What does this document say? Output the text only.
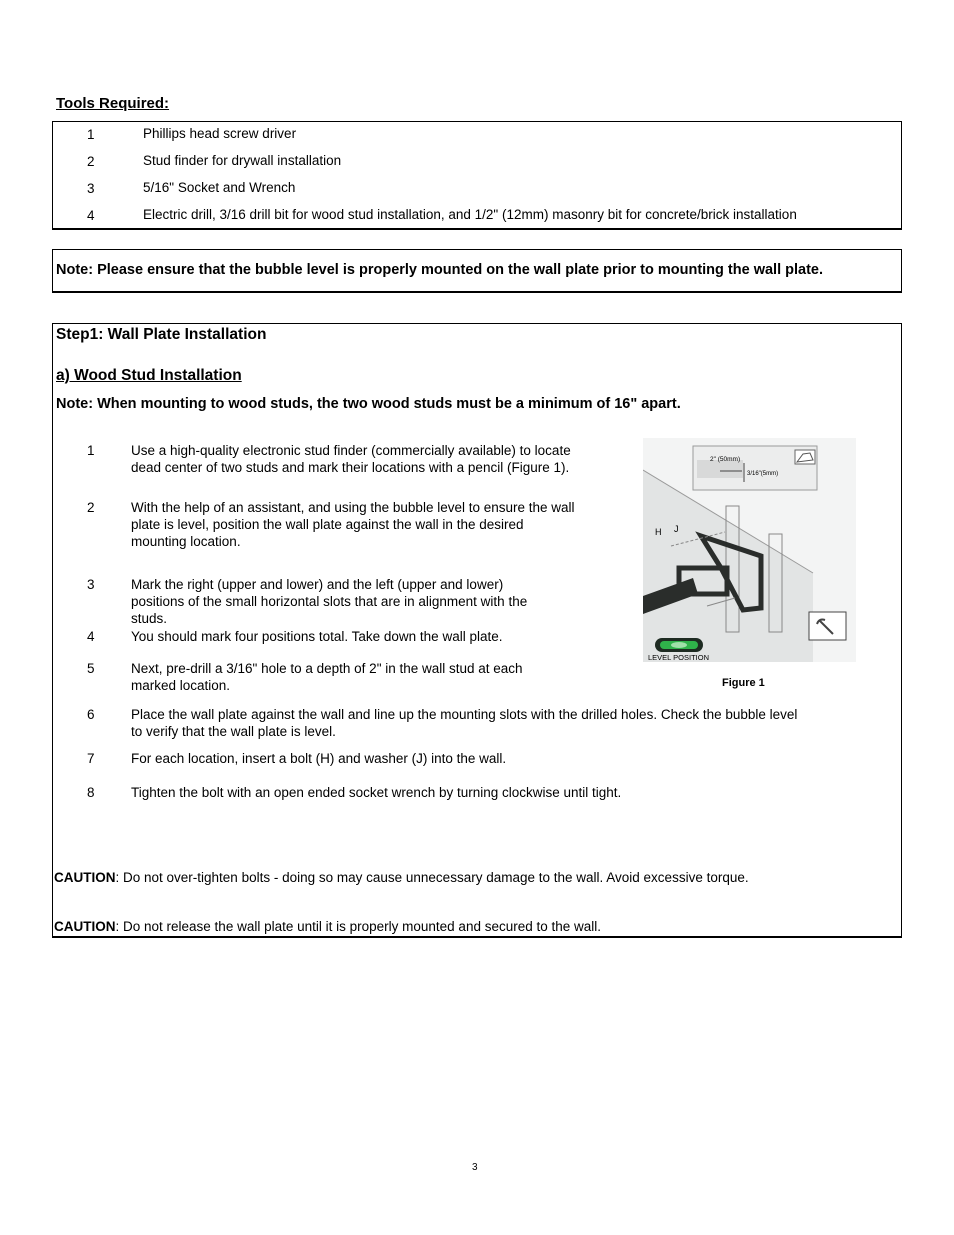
Tools Required:
1	Phillips head screw driver
2	Stud finder for drywall installation
3	5/16" Socket and Wrench
4	Electric drill, 3/16 drill bit for wood stud installation, and 1/2" (12mm) masonry bit for concrete/brick installation
Note: Please ensure that the bubble level is properly mounted on the wall plate prior to mounting the wall plate.
Step1: Wall Plate Installation
a) Wood Stud Installation
Note: When mounting to wood studs, the two wood studs must be a minimum of 16" apart.
1	Use a high-quality electronic stud finder (commercially available) to locate dead center of two studs and mark their locations with a pencil (Figure 1).
2	With the help of an assistant, and using the bubble level to ensure the wall plate is level, position the wall plate against the wall in the desired mounting location.
3	Mark the right (upper and lower) and the left (upper and lower) positions of the small horizontal slots that are in alignment with the studs.
4	You should mark four positions total. Take down the wall plate.
5	Next, pre-drill a 3/16" hole to a depth of 2" in the wall stud at each marked location.
6	Place the wall plate against the wall and line up the mounting slots with the drilled holes. Check the bubble level to verify that the wall plate is level.
7	For each location, insert a bolt (H) and washer (J) into the wall.
8	Tighten the bolt with an open ended socket wrench by turning clockwise until tight.
2" (50mm)
3/16"(5mm)
H J
LEVEL POSITION
Figure 1
CAUTION: Do not over-tighten bolts - doing so may cause unnecessary damage to the wall. Avoid excessive torque.
CAUTION: Do not release the wall plate until it is properly mounted and secured to the wall.
3
